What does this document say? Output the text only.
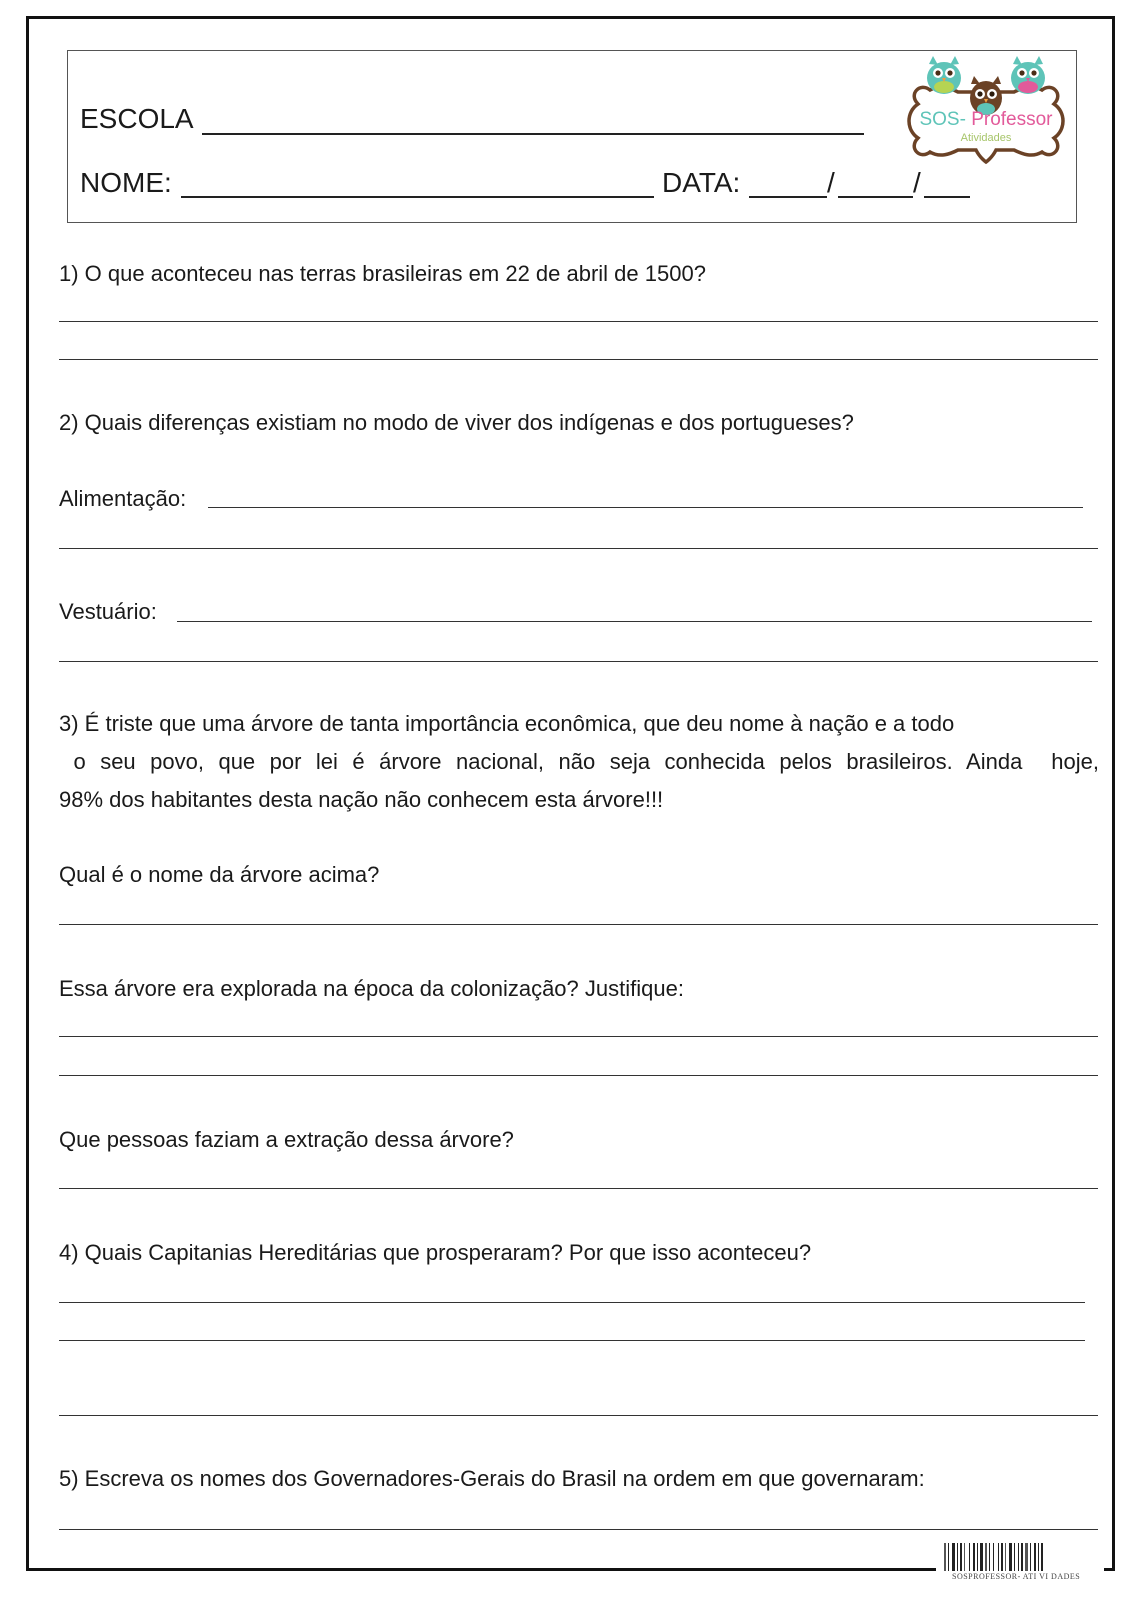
ESCOLA
NOME:	DATA:	/	/
SOS- Professor
Atividades
1) O que aconteceu nas terras brasileiras em 22 de abril de 1500?
2) Quais diferenças existiam no modo de viver dos indígenas e dos portugueses?
Alimentação:
Vestuário:
3) É triste que uma árvore de tanta importância econômica, que deu nome à nação e a todo
o seu povo, que por lei é árvore nacional, não seja conhecida pelos brasileiros. Ainda  hoje,
98% dos habitantes desta nação não conhecem esta árvore!!!
Qual é o nome da árvore acima?
Essa árvore era explorada na época da colonização? Justifique:
Que pessoas faziam a extração dessa árvore?
4) Quais Capitanias Hereditárias que prosperaram? Por que isso aconteceu?
5) Escreva os nomes dos Governadores-Gerais do Brasil na ordem em que governaram:
SOSPROFESSOR- ATI VI DADES
